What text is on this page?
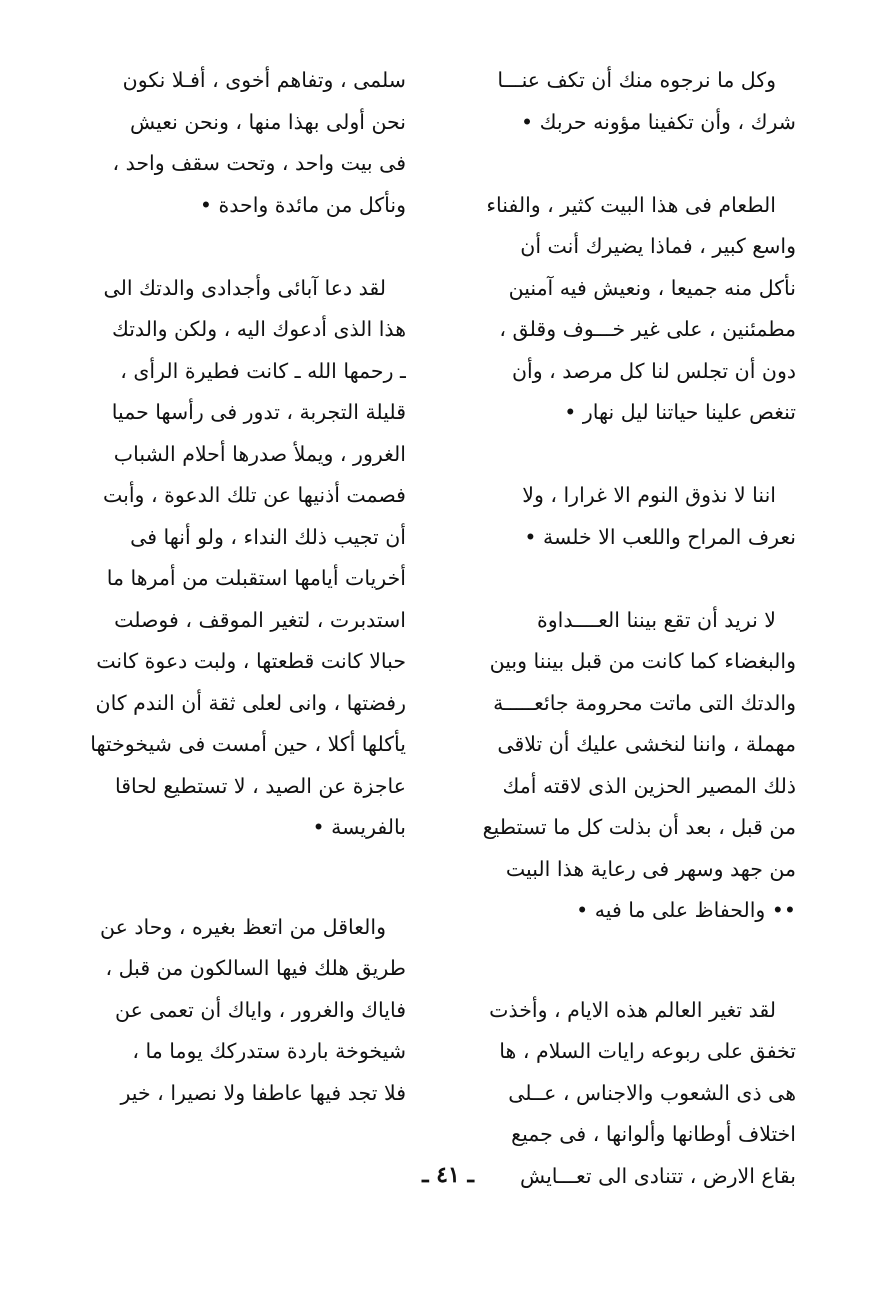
وكل ما نرجوه منك أن تكف عنـــا
شرك ، وأن تكفينا مؤونه حربك •
الطعام فى هذا البيت كثير ، والفناء
واسع كبير ، فماذا يضيرك أنت أن
نأكل منه جميعا ، ونعيش فيه آمنين
مطمئنين ، على غير خـــوف وقلق ،
دون أن تجلس لنا كل مرصد ، وأن
تنغص علينا حياتنا ليل نهار •
اننا لا نذوق النوم الا غرارا ، ولا
نعرف المراح واللعب الا خلسة •
لا نريد أن تقع بيننا العــــداوة
والبغضاء كما كانت من قبل بيننا وبين
والدتك التى ماتت محرومة جائعـــــة
مهملة ، واننا لنخشى عليك أن تلاقى
ذلك المصير الحزين الذى لاقته أمك
من قبل ، بعد أن بذلت كل ما تستطيع
من جهد وسهر فى رعاية هذا البيت
•• والحفاظ على ما فيه •
لقد تغير العالم هذه الايام ، وأخذت
تخفق على ربوعه رايات السلام ، ها
هى ذى الشعوب والاجناس ، عــلى
اختلاف أوطانها وألوانها ، فى جميع
بقاع الارض ، تتنادى الى تعـــايش
سلمى ، وتفاهم أخوى ، أفـلا نكون
نحن أولى بهذا منها ، ونحن نعيش
فى بيت واحد ، وتحت سقف واحد ،
ونأكل من مائدة واحدة •
لقد دعا آبائى وأجدادى والدتك الى
هذا الذى أدعوك اليه ، ولكن والدتك
ـ رحمها الله ـ كانت فطيرة الرأى ،
قليلة التجربة ، تدور فى رأسها حميا
الغرور ، ويملأ صدرها أحلام الشباب
فصمت أذنيها عن تلك الدعوة ، وأبت
أن تجيب ذلك النداء ، ولو أنها فى
أخريات أيامها استقبلت من أمرها ما
استدبرت ، لتغير الموقف ، فوصلت
حبالا كانت قطعتها ، ولبت دعوة كانت
رفضتها ، وانى لعلى ثقة أن الندم كان
يأكلها أكلا ، حين أمست فى شيخوختها
عاجزة عن الصيد ، لا تستطيع لحاقا
بالفريسة •
والعاقل من اتعظ بغيره ، وحاد عن
طريق هلك فيها السالكون من قبل ،
فاياك والغرور ، واياك أن تعمى عن
شيخوخة باردة ستدركك يوما ما ،
فلا تجد فيها عاطفا ولا نصيرا ، خير
ـ ٤١ ـ
